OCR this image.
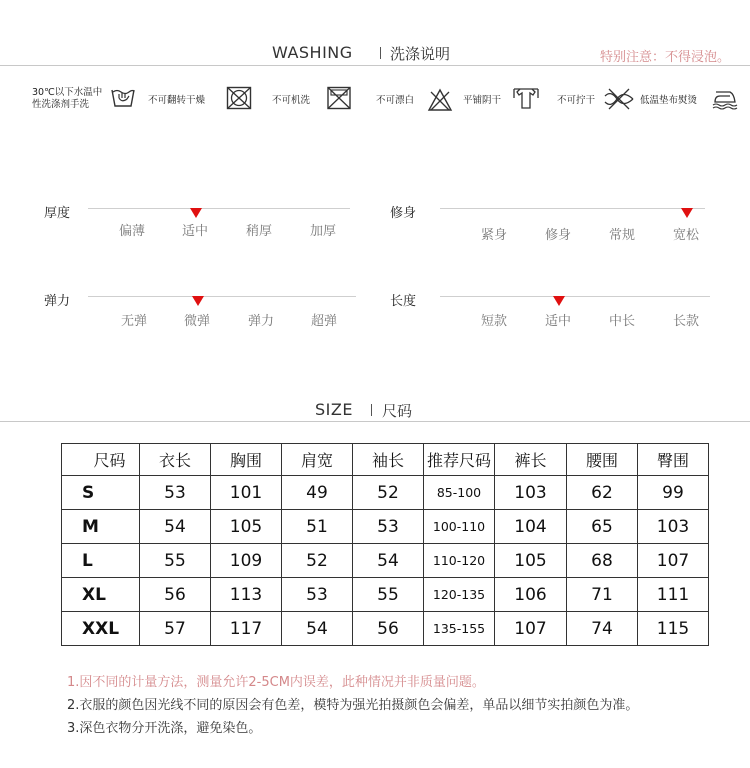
WASHING 洗涤说明	特别注意：不得浸泡。
30℃以下水温中
性洗涤剂手洗	不可翻转干燥	不可机洗	不可漂白	平铺阴干	不可拧干	低温垫布熨烫
厚度
偏薄	适中	稍厚	加厚
修身
紧身	修身	常规	宽松
弹力
无弹	微弹	弹力	超弹
长度
短款	适中	中长	长款
SIZE 尺码
尺码	衣长	胸围	肩宽	袖长	推荐尺码	裤长	腰围	臀围
S	53	101	49	52	85-100	103	62	99
M	54	105	51	53	100-110	104	65	103
L	55	109	52	54	110-120	105	68	107
XL	56	113	53	55	120-135	106	71	111
XXL	57	117	54	56	135-155	107	74	115
1.因不同的计量方法，测量允许2-5CM内误差，此种情况并非质量问题。
2.衣服的颜色因光线不同的原因会有色差，模特为强光拍摄颜色会偏差，单品以细节实拍颜色为准。
3.深色衣物分开洗涤，避免染色。
